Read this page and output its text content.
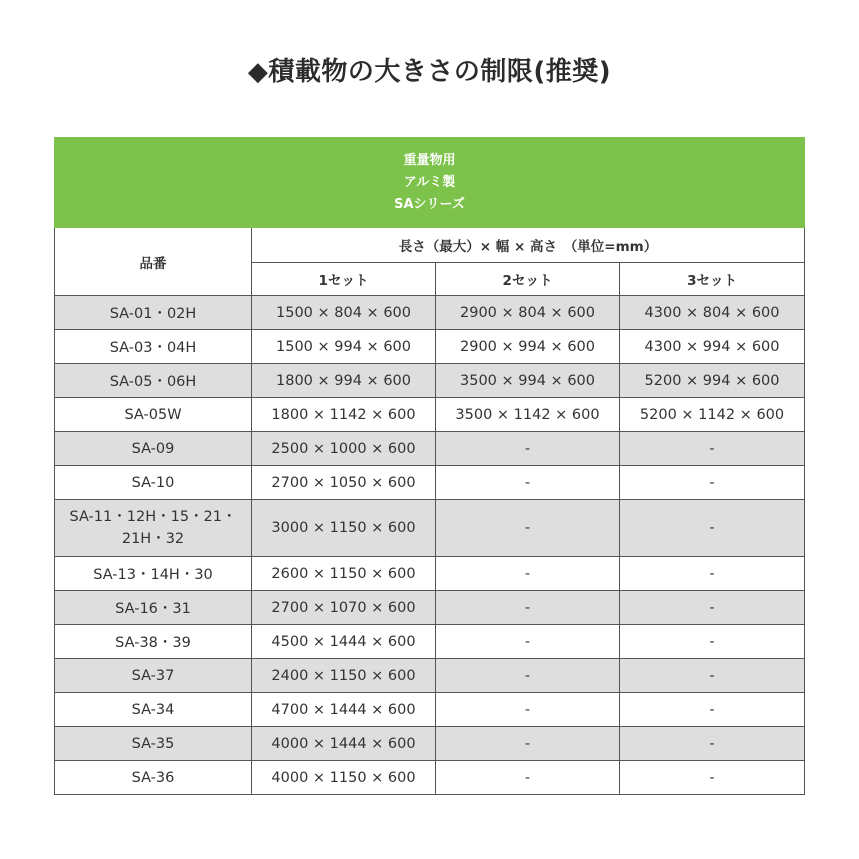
◆積載物の大きさの制限(推奨)
重量物用
アルミ製
SAシリーズ			

品番	長さ（最大）× 幅 × 高さ　（単位=mm）		
	1セット	2セット	3セット
SA-01・02H	1500 × 804 × 600	2900 × 804 × 600	4300 × 804 × 600
SA-03・04H	1500 × 994 × 600	2900 × 994 × 600	4300 × 994 × 600
SA-05・06H	1800 × 994 × 600	3500 × 994 × 600	5200 × 994 × 600
SA-05W	1800 × 1142 × 600	3500 × 1142 × 600	5200 × 1142 × 600
SA-09	2500 × 1000 × 600	-	-
SA-10	2700 × 1050 × 600	-	-

SA-11・12H・15・21・
21H・32	3000 × 1150 × 600	-	-
SA-13・14H・30	2600 × 1150 × 600	-	-
SA-16・31	2700 × 1070 × 600	-	-
SA-38・39	4500 × 1444 × 600	-	-
SA-37	2400 × 1150 × 600	-	-
SA-34	4700 × 1444 × 600	-	-
SA-35	4000 × 1444 × 600	-	-
SA-36	4000 × 1150 × 600	-	-
